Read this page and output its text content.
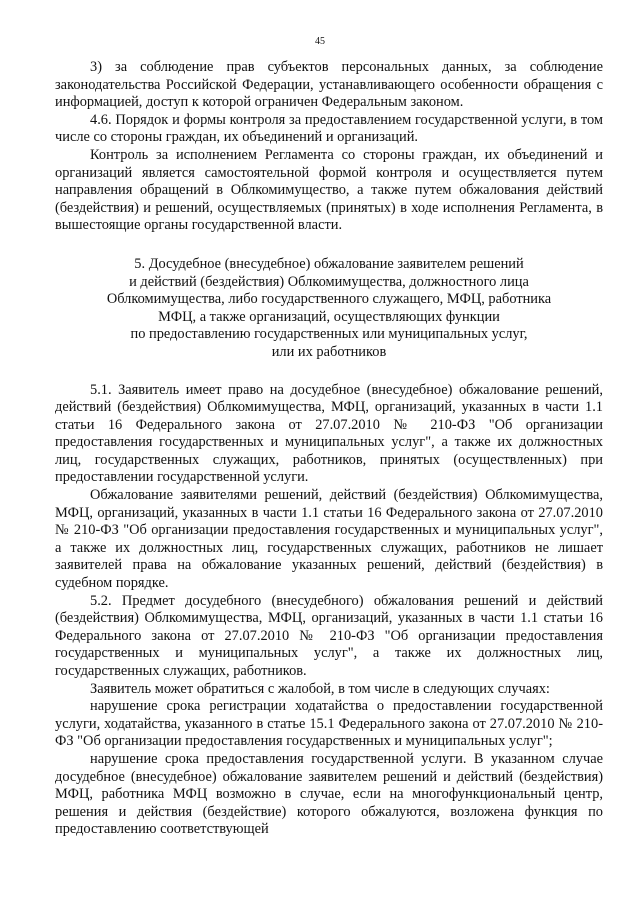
45

3) за соблюдение прав субъектов персональных данных, за соблюдение законодательства Российской Федерации, устанавливающего особенности обращения с информацией, доступ к которой ограничен Федеральным законом.

4.6. Порядок и формы контроля за предоставлением государственной услуги, в том числе со стороны граждан, их объединений и организаций.

Контроль за исполнением Регламента со стороны граждан, их объединений и организаций является самостоятельной формой контроля и осуществляется путем направления обращений в Облкомимущество, а также путем обжалования действий (бездействия) и решений, осуществляемых (принятых) в ходе исполнения Регламента, в вышестоящие органы государственной власти.

5. Досудебное (внесудебное) обжалование заявителем решений
и действий (бездействия) Облкомимущества, должностного лица
Облкомимущества, либо государственного служащего, МФЦ, работника
МФЦ, а также организаций, осуществляющих функции
по предоставлению государственных или муниципальных услуг,
или их работников

5.1. Заявитель имеет право на досудебное (внесудебное) обжалование решений, действий (бездействия) Облкомимущества, МФЦ, организаций, указанных в части 1.1 статьи 16 Федерального закона от 27.07.2010 № 210-ФЗ "Об организации предоставления государственных и муниципальных услуг", а также их должностных лиц, государственных служащих, работников, принятых (осуществленных) при предоставлении государственной услуги.

Обжалование заявителями решений, действий (бездействия) Облкомимущества, МФЦ, организаций, указанных в части 1.1 статьи 16 Федерального закона от 27.07.2010 № 210-ФЗ "Об организации предоставления государственных и муниципальных услуг", а также их должностных лиц, государственных служащих, работников не лишает заявителей права на обжалование указанных решений, действий (бездействия) в судебном порядке.

5.2. Предмет досудебного (внесудебного) обжалования решений и действий (бездействия) Облкомимущества, МФЦ, организаций, указанных в части 1.1 статьи 16 Федерального закона от 27.07.2010 № 210-ФЗ "Об организации предоставления государственных и муниципальных услуг", а также их должностных лиц, государственных служащих, работников.

Заявитель может обратиться с жалобой, в том числе в следующих случаях:

нарушение срока регистрации ходатайства о предоставлении государственной услуги, ходатайства, указанного в статье 15.1 Федерального закона от 27.07.2010 № 210-ФЗ "Об организации предоставления государственных и муниципальных услуг";

нарушение срока предоставления государственной услуги. В указанном случае досудебное (внесудебное) обжалование заявителем решений и действий (бездействия) МФЦ, работника МФЦ возможно в случае, если на многофункциональный центр, решения и действия (бездействие) которого обжалуются, возложена функция по предоставлению соответствующей
